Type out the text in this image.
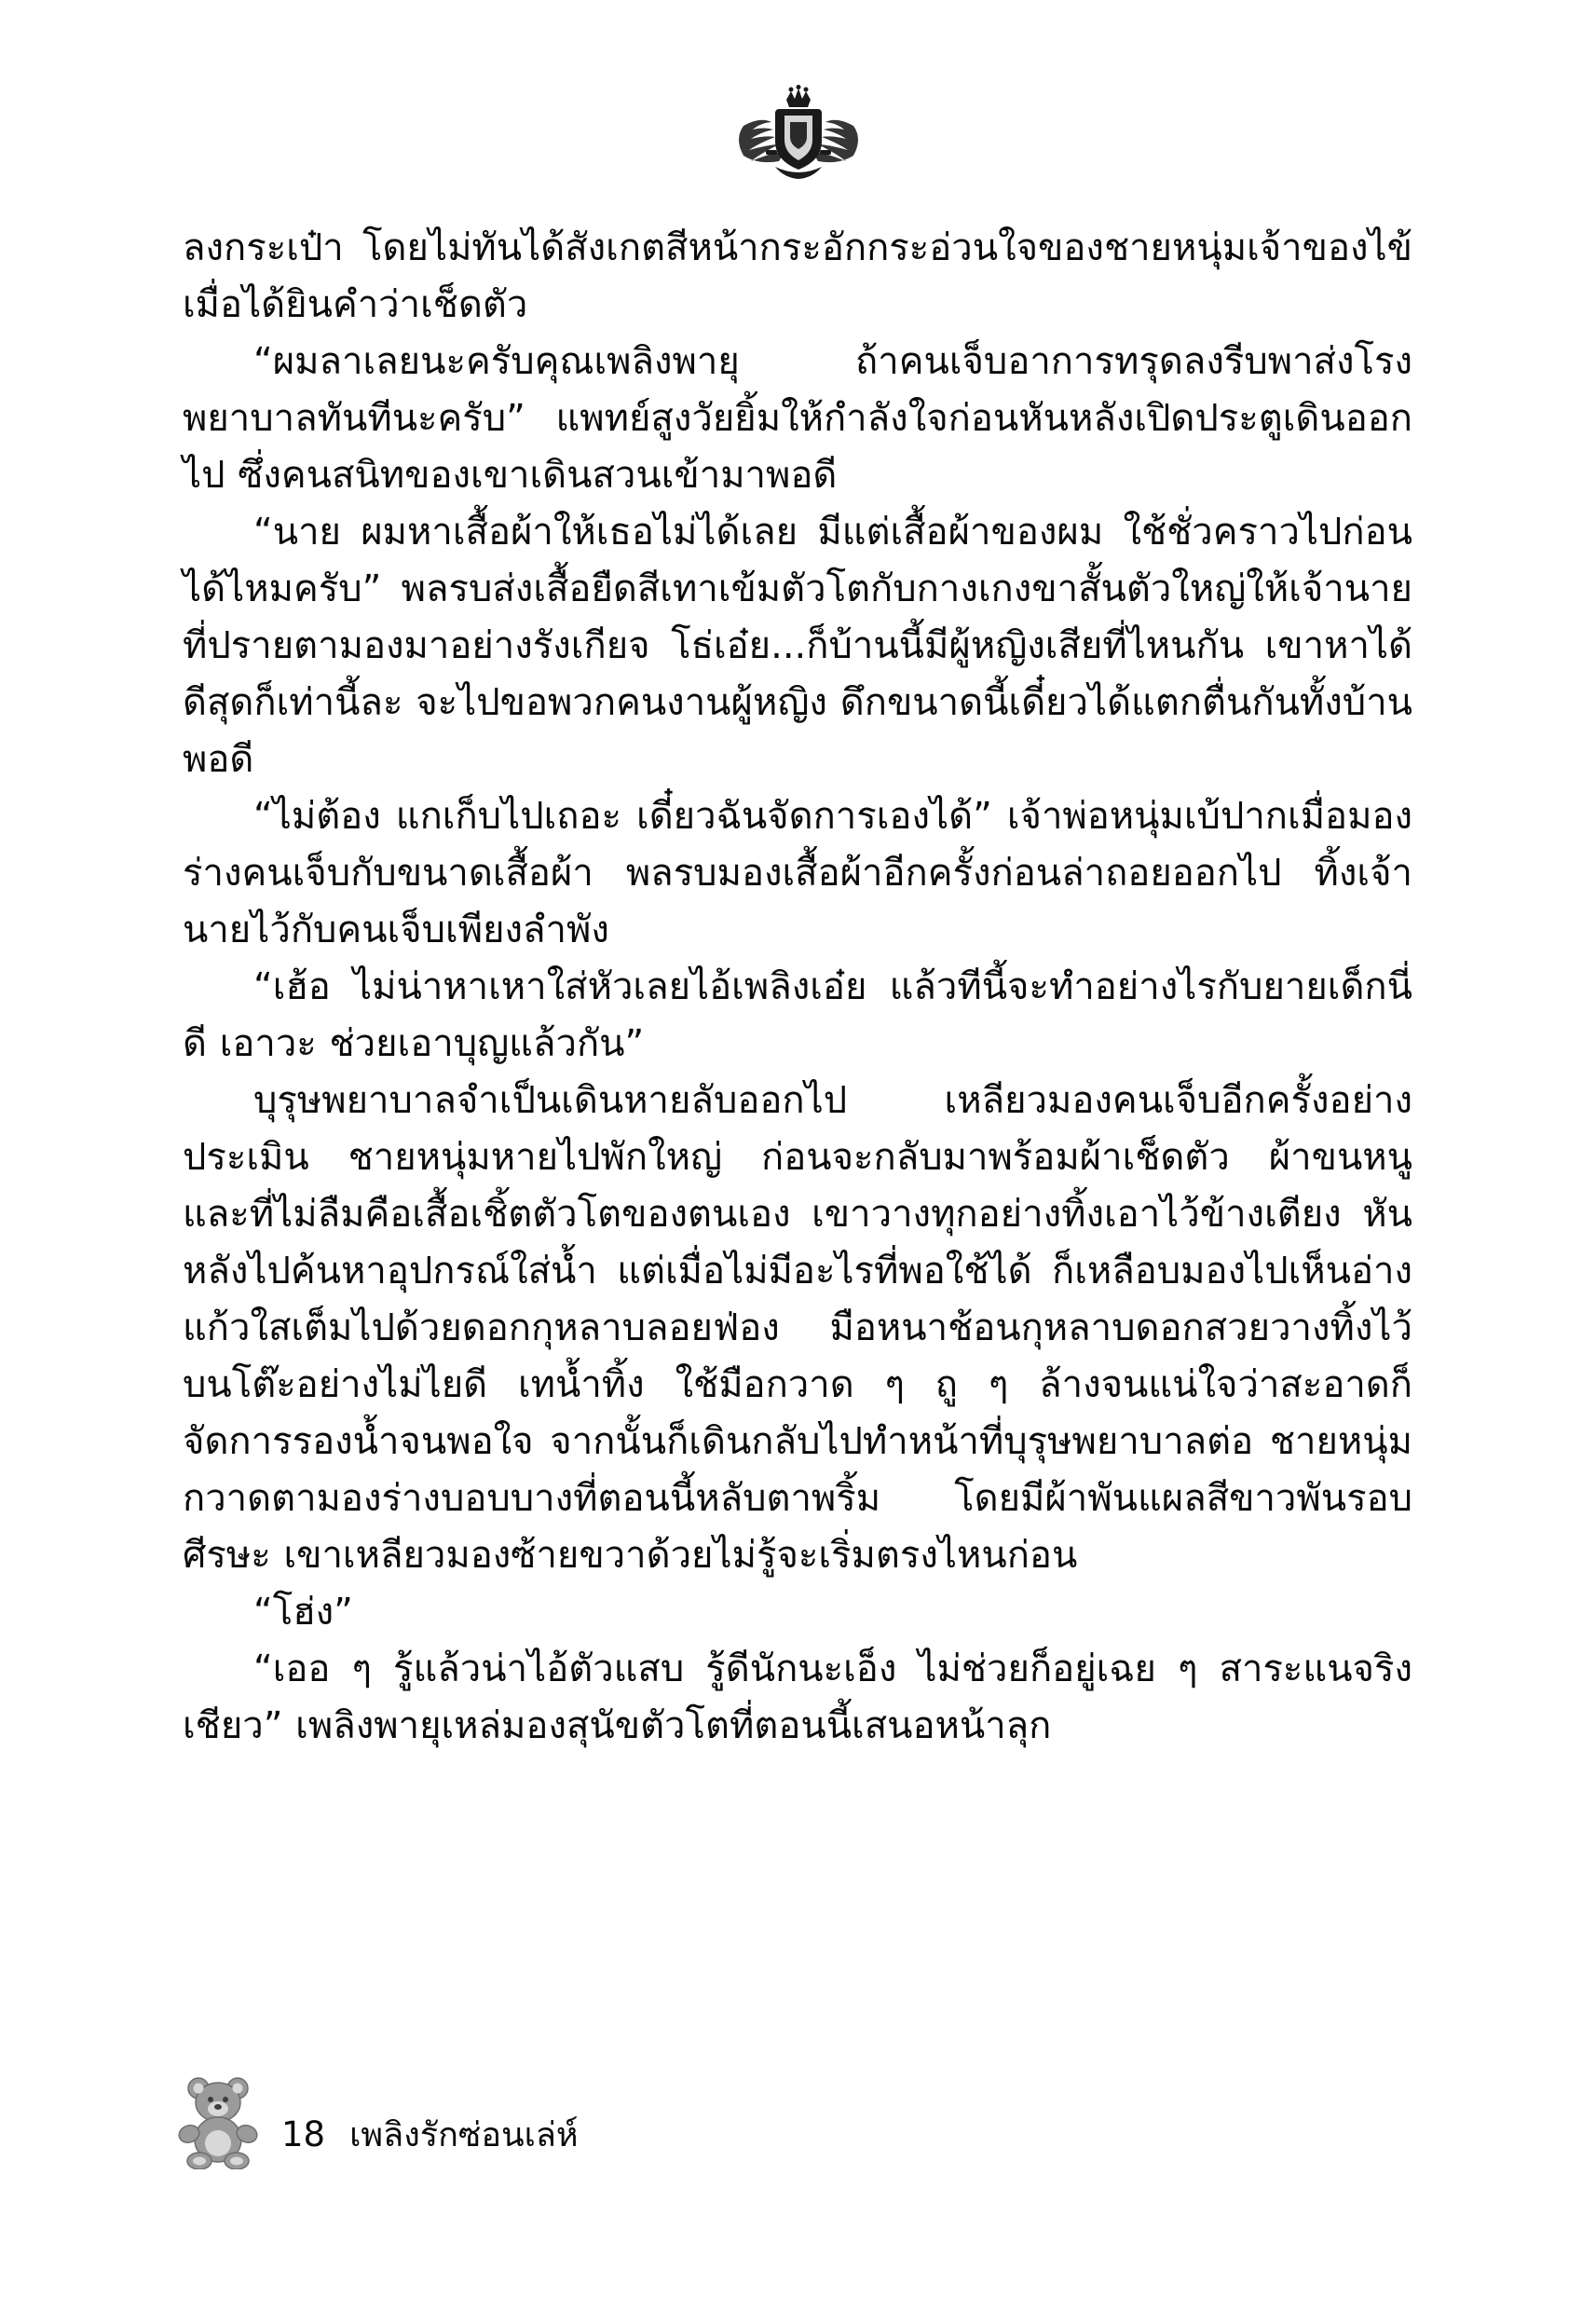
ลงกระเป๋า โดยไม่ทันได้สังเกตสีหน้ากระอักกระอ่วนใจของชายหนุ่มเจ้าของไข้เมื่อได้ยินคำว่าเช็ดตัว

“ผมลาเลยนะครับคุณเพลิงพายุ ถ้าคนเจ็บอาการทรุดลงรีบพาส่งโรงพยาบาลทันทีนะครับ” แพทย์สูงวัยยิ้มให้กำลังใจก่อนหันหลังเปิดประตูเดินออกไป ซึ่งคนสนิทของเขาเดินสวนเข้ามาพอดี

“นาย ผมหาเสื้อผ้าให้เธอไม่ได้เลย มีแต่เสื้อผ้าของผม ใช้ชั่วคราวไปก่อนได้ไหมครับ” พลรบส่งเสื้อยืดสีเทาเข้มตัวโตกับกางเกงขาสั้นตัวใหญ่ให้เจ้านายที่ปรายตามองมาอย่างรังเกียจ โธ่เอ๋ย...ก็บ้านนี้มีผู้หญิงเสียที่ไหนกัน เขาหาได้ดีสุดก็เท่านี้ละ จะไปขอพวกคนงานผู้หญิง ดึกขนาดนี้เดี๋ยวได้แตกตื่นกันทั้งบ้านพอดี

“ไม่ต้อง แกเก็บไปเถอะ เดี๋ยวฉันจัดการเองได้” เจ้าพ่อหนุ่มเบ้ปากเมื่อมองร่างคนเจ็บกับขนาดเสื้อผ้า พลรบมองเสื้อผ้าอีกครั้งก่อนล่าถอยออกไป ทิ้งเจ้านายไว้กับคนเจ็บเพียงลำพัง

“เฮ้อ ไม่น่าหาเหาใส่หัวเลยไอ้เพลิงเอ๋ย แล้วทีนี้จะทำอย่างไรกับยายเด็กนี่ดี เอาวะ ช่วยเอาบุญแล้วกัน”

บุรุษพยาบาลจำเป็นเดินหายลับออกไป เหลียวมองคนเจ็บอีกครั้งอย่างประเมิน ชายหนุ่มหายไปพักใหญ่ ก่อนจะกลับมาพร้อมผ้าเช็ดตัว ผ้าขนหนู และที่ไม่ลืมคือเสื้อเชิ้ตตัวโตของตนเอง เขาวางทุกอย่างทิ้งเอาไว้ข้างเตียง หันหลังไปค้นหาอุปกรณ์ใส่น้ำ แต่เมื่อไม่มีอะไรที่พอใช้ได้ ก็เหลือบมองไปเห็นอ่างแก้วใสเต็มไปด้วยดอกกุหลาบลอยฟ่อง มือหนาช้อนกุหลาบดอกสวยวางทิ้งไว้บนโต๊ะอย่างไม่ไยดี เทน้ำทิ้ง ใช้มือกวาด ๆ ถู ๆ ล้างจนแน่ใจว่าสะอาดก็จัดการรองน้ำจนพอใจ จากนั้นก็เดินกลับไปทำหน้าที่บุรุษพยาบาลต่อ ชายหนุ่มกวาดตามองร่างบอบบางที่ตอนนี้หลับตาพริ้ม โดยมีผ้าพันแผลสีขาวพันรอบศีรษะ เขาเหลียวมองซ้ายขวาด้วยไม่รู้จะเริ่มตรงไหนก่อน

“โฮ่ง”

“เออ ๆ รู้แล้วน่าไอ้ตัวแสบ รู้ดีนักนะเอ็ง ไม่ช่วยก็อยู่เฉย ๆ สาระแนจริงเชียว” เพลิงพายุเหล่มองสุนัขตัวโตที่ตอนนี้เสนอหน้าลุก

18 เพลิงรักซ่อนเล่ห์
